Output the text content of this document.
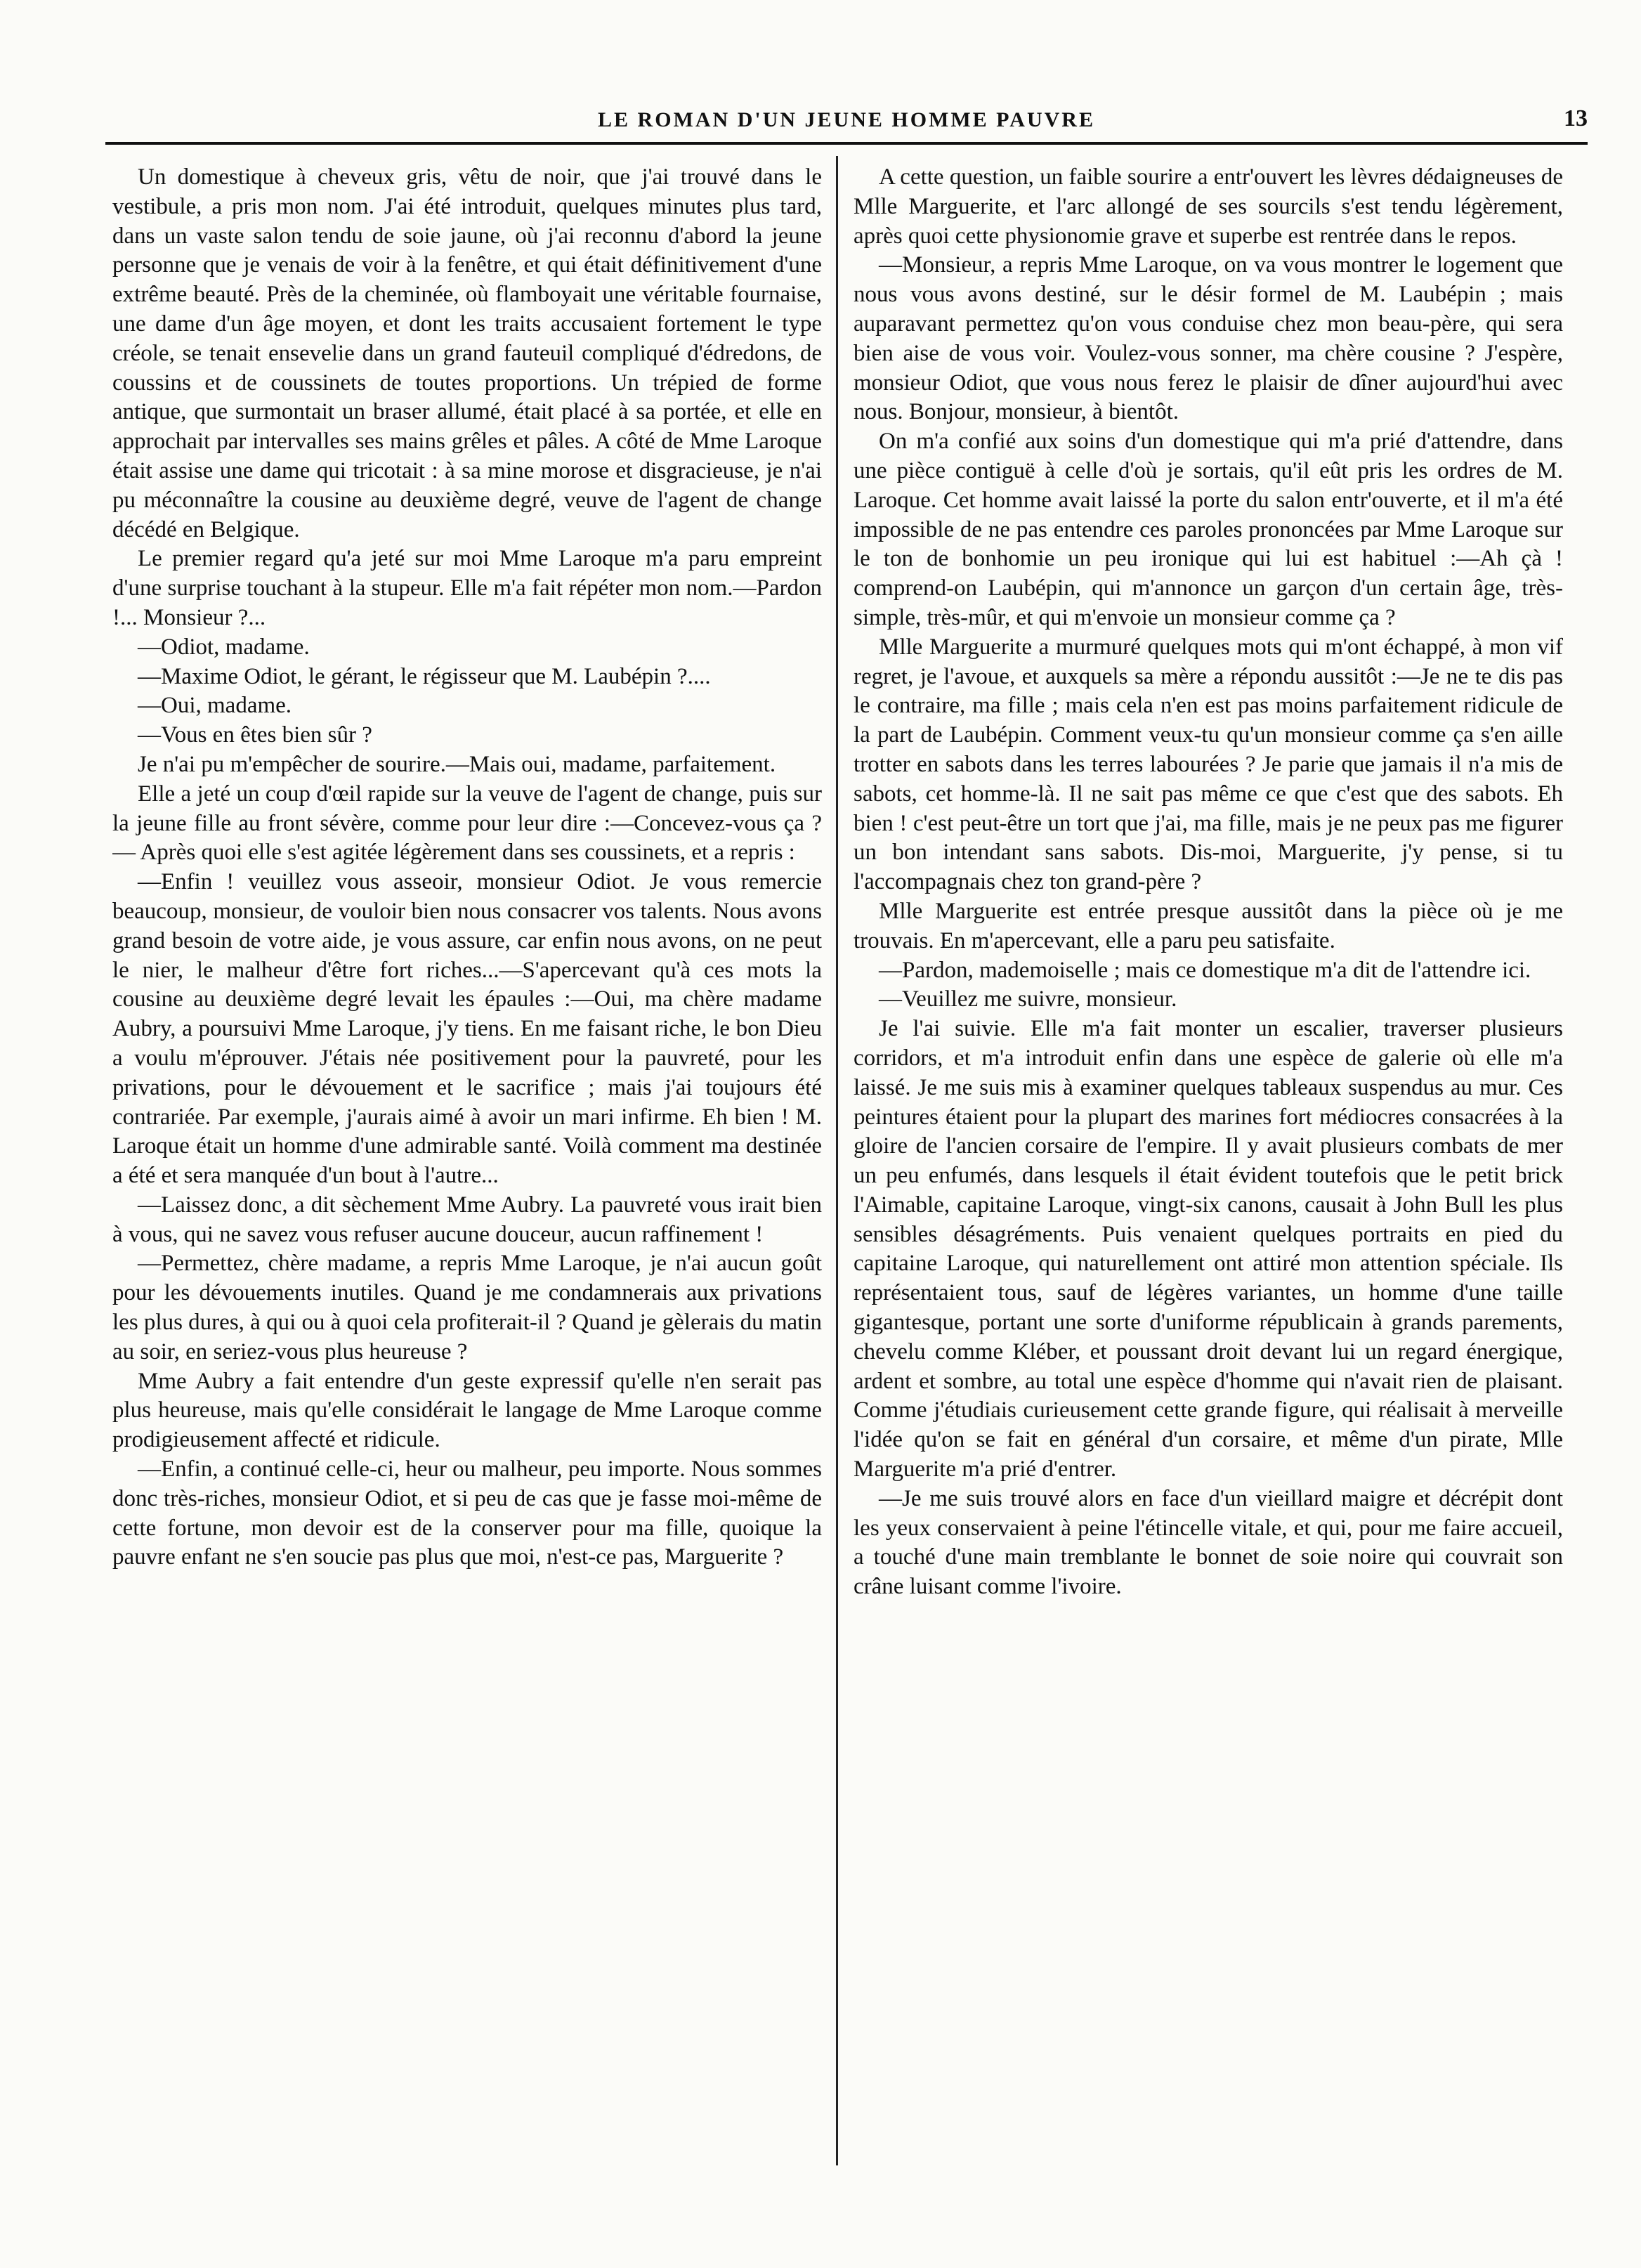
LE ROMAN D'UN JEUNE HOMME PAUVRE	13

Un domestique à cheveux gris, vêtu de noir, que j'ai trouvé dans le vestibule, a pris mon nom. J'ai été introduit, quelques minutes plus tard, dans un vaste salon tendu de soie jaune, où j'ai reconnu d'abord la jeune personne que je venais de voir à la fenêtre, et qui était définitivement d'une extrême beauté. Près de la cheminée, où flamboyait une véritable fournaise, une dame d'un âge moyen, et dont les traits accusaient fortement le type créole, se tenait ensevelie dans un grand fauteuil compliqué d'édredons, de coussins et de coussinets de toutes proportions. Un trépied de forme antique, que surmontait un braser allumé, était placé à sa portée, et elle en approchait par intervalles ses mains grêles et pâles. A côté de Mme Laroque était assise une dame qui tricotait : à sa mine morose et disgracieuse, je n'ai pu méconnaître la cousine au deuxième degré, veuve de l'agent de change décédé en Belgique.

Le premier regard qu'a jeté sur moi Mme Laroque m'a paru empreint d'une surprise touchant à la stupeur. Elle m'a fait répéter mon nom.—Pardon !... Monsieur ?...

—Odiot, madame.

—Maxime Odiot, le gérant, le régisseur que M. Laubépin ?....

—Oui, madame.

—Vous en êtes bien sûr ?

Je n'ai pu m'empêcher de sourire.—Mais oui, madame, parfaitement.

Elle a jeté un coup d'œil rapide sur la veuve de l'agent de change, puis sur la jeune fille au front sévère, comme pour leur dire :—Concevez-vous ça ?— Après quoi elle s'est agitée légèrement dans ses coussinets, et a repris :

—Enfin ! veuillez vous asseoir, monsieur Odiot. Je vous remercie beaucoup, monsieur, de vouloir bien nous consacrer vos talents. Nous avons grand besoin de votre aide, je vous assure, car enfin nous avons, on ne peut le nier, le malheur d'être fort riches...—S'apercevant qu'à ces mots la cousine au deuxième degré levait les épaules :—Oui, ma chère madame Aubry, a poursuivi Mme Laroque, j'y tiens. En me faisant riche, le bon Dieu a voulu m'éprouver. J'étais née positivement pour la pauvreté, pour les privations, pour le dévouement et le sacrifice ; mais j'ai toujours été contrariée. Par exemple, j'aurais aimé à avoir un mari infirme. Eh bien ! M. Laroque était un homme d'une admirable santé. Voilà comment ma destinée a été et sera manquée d'un bout à l'autre...

—Laissez donc, a dit sèchement Mme Aubry. La pauvreté vous irait bien à vous, qui ne savez vous refuser aucune douceur, aucun raffinement !

—Permettez, chère madame, a repris Mme Laroque, je n'ai aucun goût pour les dévouements inutiles. Quand je me condamnerais aux privations les plus dures, à qui ou à quoi cela profiterait-il ? Quand je gèlerais du matin au soir, en seriez-vous plus heureuse ?

Mme Aubry a fait entendre d'un geste expressif qu'elle n'en serait pas plus heureuse, mais qu'elle considérait le langage de Mme Laroque comme prodigieusement affecté et ridicule.

—Enfin, a continué celle-ci, heur ou malheur, peu importe. Nous sommes donc très-riches, monsieur Odiot, et si peu de cas que je fasse moi-même de cette fortune, mon devoir est de la conserver pour ma fille, quoique la pauvre enfant ne s'en soucie pas plus que moi, n'est-ce pas, Marguerite ?

A cette question, un faible sourire a entr'ouvert les lèvres dédaigneuses de Mlle Marguerite, et l'arc allongé de ses sourcils s'est tendu légèrement, après quoi cette physionomie grave et superbe est rentrée dans le repos.

—Monsieur, a repris Mme Laroque, on va vous montrer le logement que nous vous avons destiné, sur le désir formel de M. Laubépin ; mais auparavant permettez qu'on vous conduise chez mon beau-père, qui sera bien aise de vous voir. Voulez-vous sonner, ma chère cousine ? J'espère, monsieur Odiot, que vous nous ferez le plaisir de dîner aujourd'hui avec nous. Bonjour, monsieur, à bientôt.

On m'a confié aux soins d'un domestique qui m'a prié d'attendre, dans une pièce contiguë à celle d'où je sortais, qu'il eût pris les ordres de M. Laroque. Cet homme avait laissé la porte du salon entr'ouverte, et il m'a été impossible de ne pas entendre ces paroles prononcées par Mme Laroque sur le ton de bonhomie un peu ironique qui lui est habituel :—Ah çà ! comprend-on Laubépin, qui m'annonce un garçon d'un certain âge, très-simple, très-mûr, et qui m'envoie un monsieur comme ça ?

Mlle Marguerite a murmuré quelques mots qui m'ont échappé, à mon vif regret, je l'avoue, et auxquels sa mère a répondu aussitôt :—Je ne te dis pas le contraire, ma fille ; mais cela n'en est pas moins parfaitement ridicule de la part de Laubépin. Comment veux-tu qu'un monsieur comme ça s'en aille trotter en sabots dans les terres labourées ? Je parie que jamais il n'a mis de sabots, cet homme-là. Il ne sait pas même ce que c'est que des sabots. Eh bien ! c'est peut-être un tort que j'ai, ma fille, mais je ne peux pas me figurer un bon intendant sans sabots. Dis-moi, Marguerite, j'y pense, si tu l'accompagnais chez ton grand-père ?

Mlle Marguerite est entrée presque aussitôt dans la pièce où je me trouvais. En m'apercevant, elle a paru peu satisfaite.

—Pardon, mademoiselle ; mais ce domestique m'a dit de l'attendre ici.

—Veuillez me suivre, monsieur.

Je l'ai suivie. Elle m'a fait monter un escalier, traverser plusieurs corridors, et m'a introduit enfin dans une espèce de galerie où elle m'a laissé. Je me suis mis à examiner quelques tableaux suspendus au mur. Ces peintures étaient pour la plupart des marines fort médiocres consacrées à la gloire de l'ancien corsaire de l'empire. Il y avait plusieurs combats de mer un peu enfumés, dans lesquels il était évident toutefois que le petit brick l'Aimable, capitaine Laroque, vingt-six canons, causait à John Bull les plus sensibles désagréments. Puis venaient quelques portraits en pied du capitaine Laroque, qui naturellement ont attiré mon attention spéciale. Ils représentaient tous, sauf de légères variantes, un homme d'une taille gigantesque, portant une sorte d'uniforme républicain à grands parements, chevelu comme Kléber, et poussant droit devant lui un regard énergique, ardent et sombre, au total une espèce d'homme qui n'avait rien de plaisant. Comme j'étudiais curieusement cette grande figure, qui réalisait à merveille l'idée qu'on se fait en général d'un corsaire, et même d'un pirate, Mlle Marguerite m'a prié d'entrer.

—Je me suis trouvé alors en face d'un vieillard maigre et décrépit dont les yeux conservaient à peine l'étincelle vitale, et qui, pour me faire accueil, a touché d'une main tremblante le bonnet de soie noire qui couvrait son crâne luisant comme l'ivoire.
